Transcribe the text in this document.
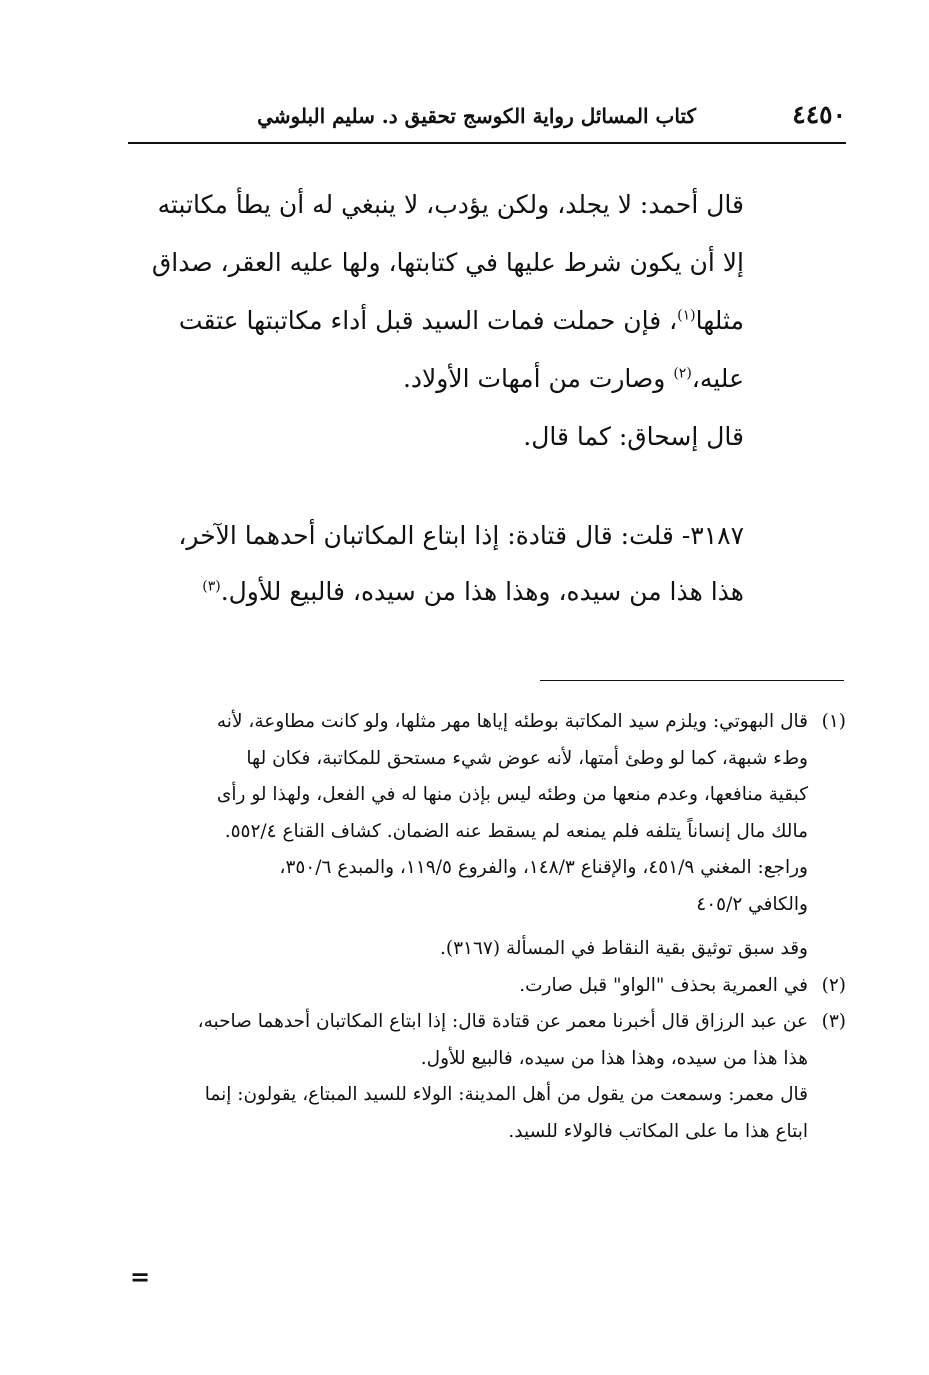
٤٤٥٠
كتاب المسائل رواية الكوسج تحقيق د. سليم البلوشي

قال أحمد: لا يجلد، ولكن يؤدب، لا ينبغي له أن يطأ مكاتبته

إلا أن يكون شرط عليها في كتابتها، ولها عليه العقر، صداق

مثلها$^{(١)}$، فإن حملت فمات السيد قبل أداء مكاتبتها عتقت

عليه،$^{(٢)}$ وصارت من أمهات الأولاد.

قال إسحاق: كما قال.

٣١٨٧- قلت: قال قتادة: إذا ابتاع المكاتبان أحدهما الآخر،

هذا هذا من سيده، وهذا هذا من سيده، فالبيع للأول.$^{(٣)}$

(١)

قال البهوتي: ويلزم سيد المكاتبة بوطئه إياها مهر مثلها، ولو كانت مطاوعة، لأنه

وطء شبهة، كما لو وطئ أمتها، لأنه عوض شيء مستحق للمكاتبة، فكان لها

كبقية منافعها، وعدم منعها من وطئه ليس بإذن منها له في الفعل، ولهذا لو رأى

مالك مال إنساناً يتلفه فلم يمنعه لم يسقط عنه الضمان. كشاف القناع ٥٥٢/٤.

وراجع: المغني ٤٥١/٩، والإقناع ١٤٨/٣، والفروع ١١٩/٥، والمبدع ٣٥٠/٦،

والكافي ٤٠٥/٢

وقد سبق توثيق بقية النقاط في المسألة (٣١٦٧).

(٢)

في العمرية بحذف "الواو" قبل صارت.

(٣)

عن عبد الرزاق قال أخبرنا معمر عن قتادة قال: إذا ابتاع المكاتبان أحدهما صاحبه،

هذا هذا من سيده، وهذا هذا من سيده، فالبيع للأول.

قال معمر: وسمعت من يقول من أهل المدينة: الولاء للسيد المبتاع، يقولون: إنما

ابتاع هذا ما على المكاتب فالولاء للسيد.

=
